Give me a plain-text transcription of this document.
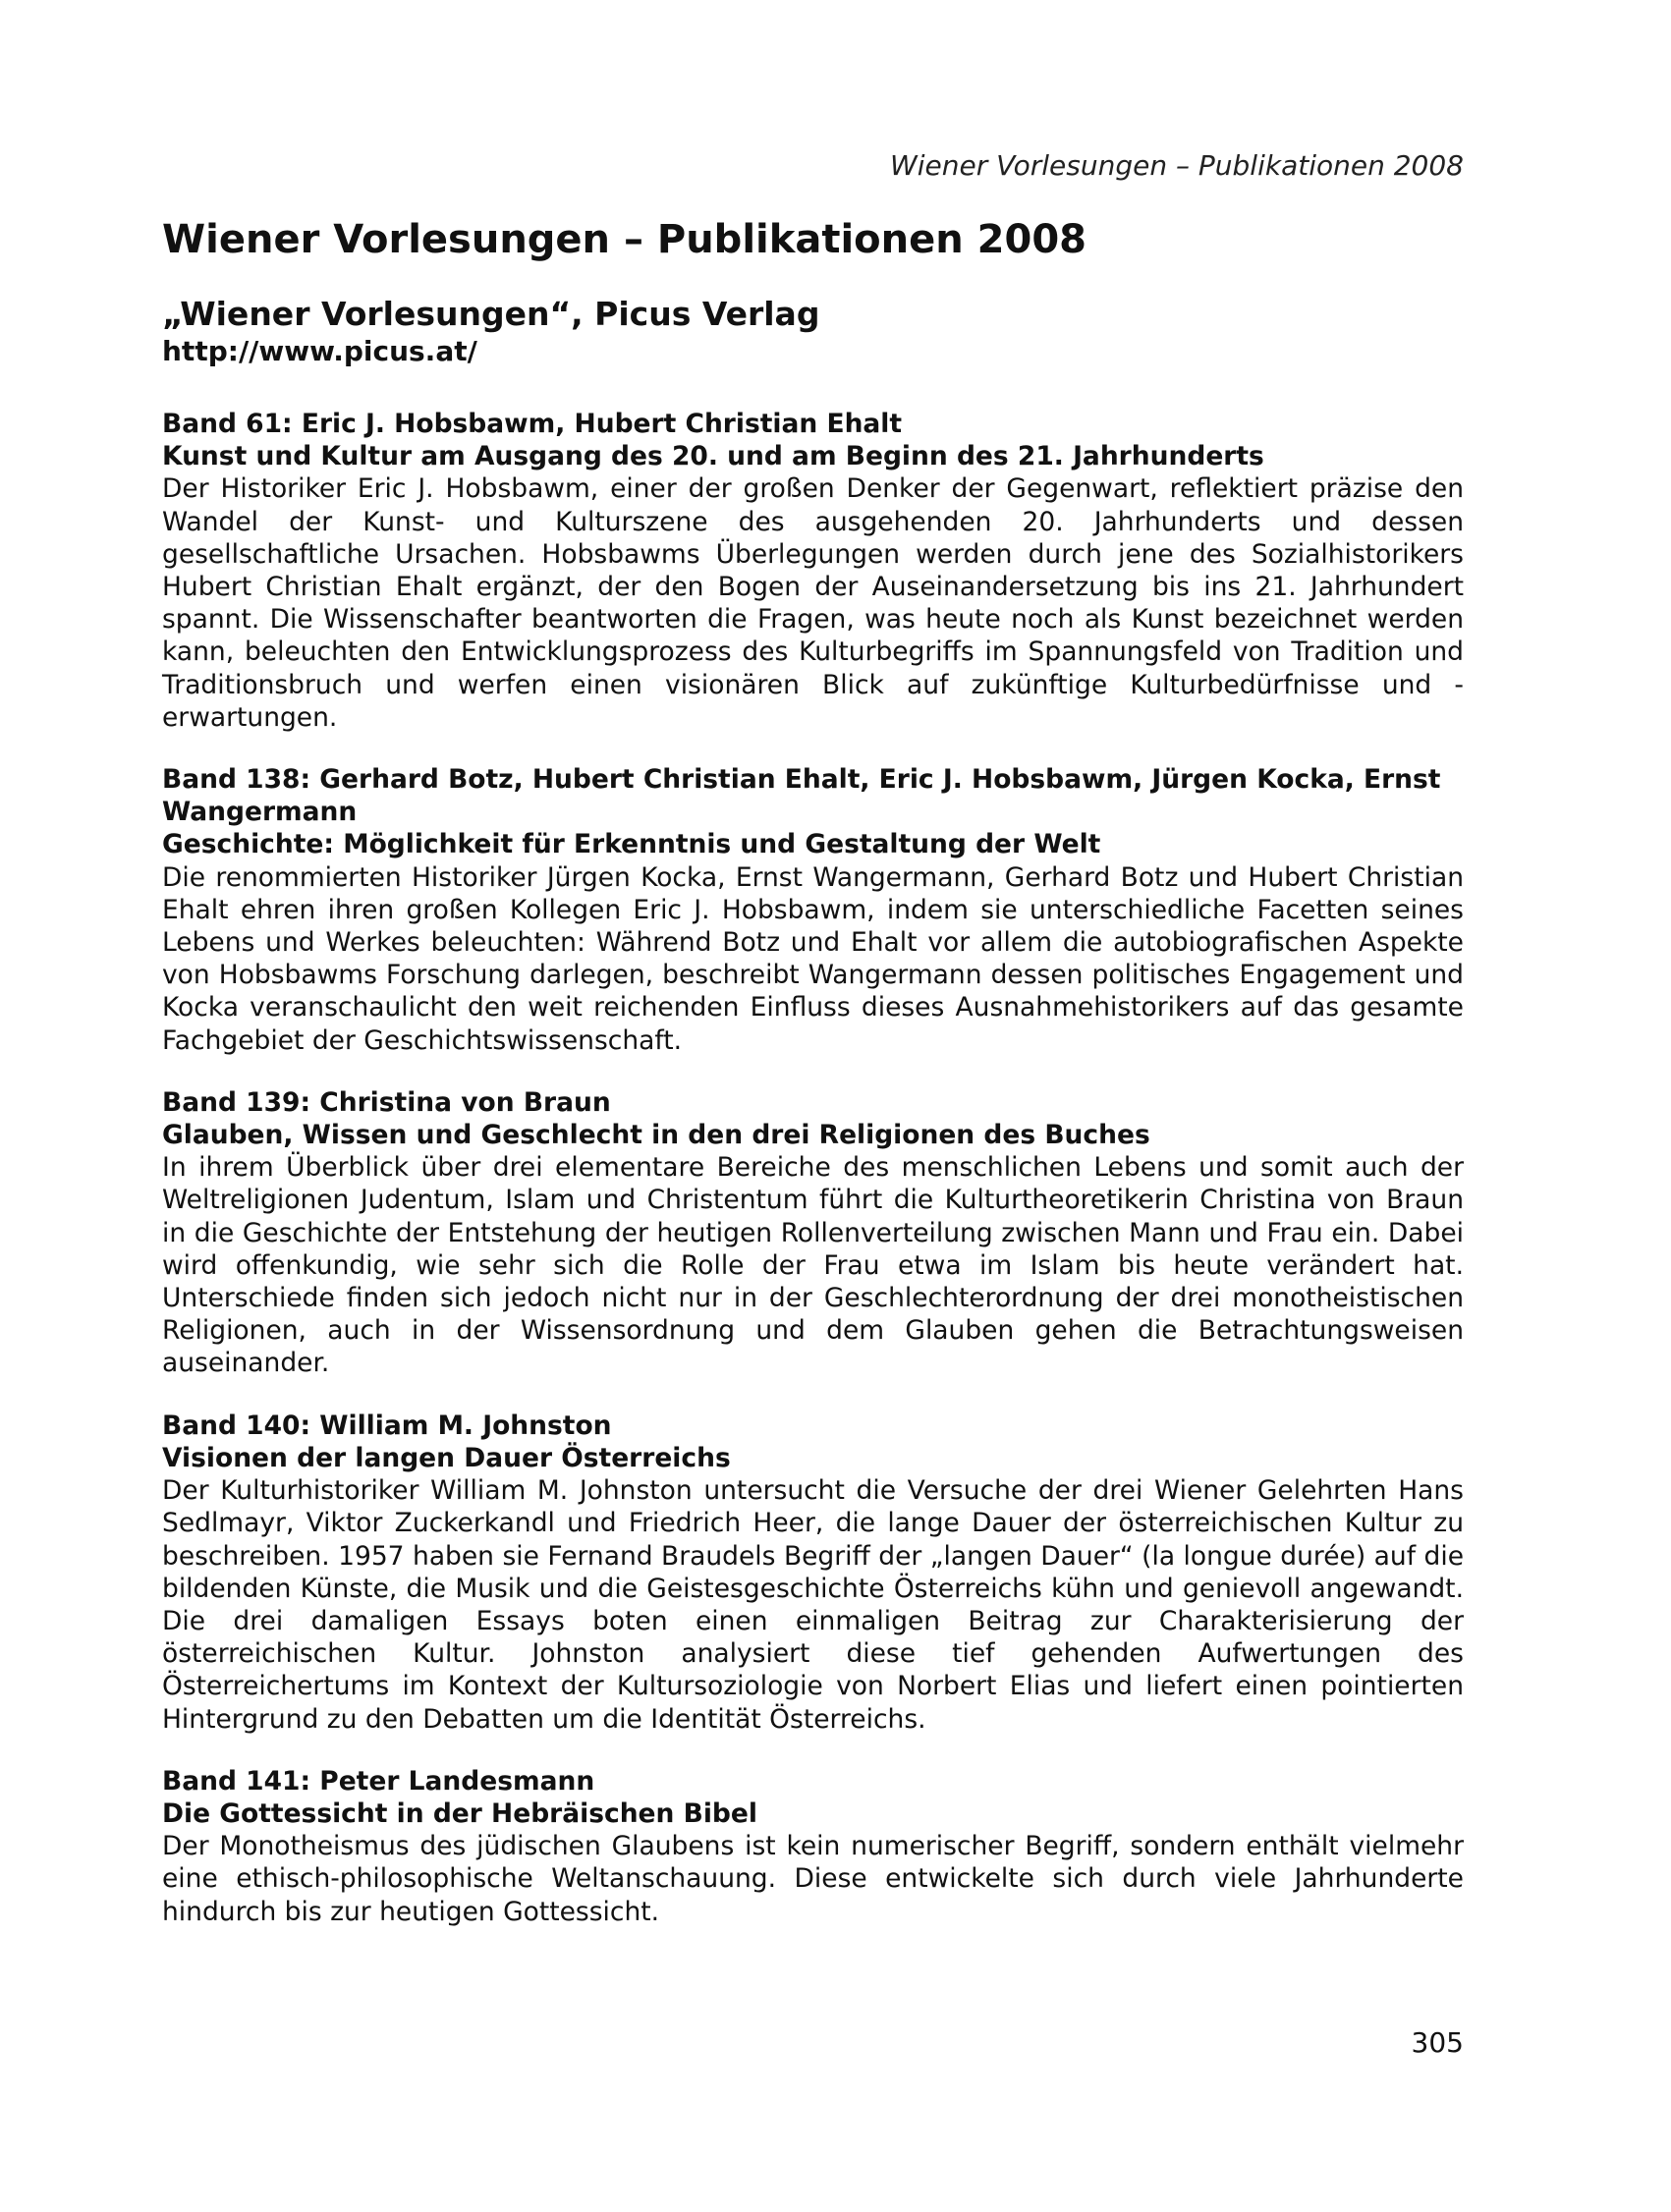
Wiener Vorlesungen – Publikationen 2008
Wiener Vorlesungen – Publikationen 2008
„Wiener Vorlesungen“, Picus Verlag
http://www.picus.at/
Band 61: Eric J. Hobsbawm, Hubert Christian Ehalt
Kunst und Kultur am Ausgang des 20. und am Beginn des 21. Jahrhunderts
Der Historiker Eric J. Hobsbawm, einer der großen Denker der Gegenwart, reflektiert präzise den Wandel der Kunst- und Kulturszene des ausgehenden 20. Jahrhunderts und dessen gesellschaftliche Ursachen. Hobsbawms Überlegungen werden durch jene des Sozialhistorikers Hubert Christian Ehalt ergänzt, der den Bogen der Auseinandersetzung bis ins 21. Jahrhundert spannt. Die Wissenschafter beantworten die Fragen, was heute noch als Kunst bezeichnet werden kann, beleuchten den Entwicklungsprozess des Kulturbegriffs im Spannungsfeld von Tradition und Traditionsbruch und werfen einen visionären Blick auf zukünftige Kulturbedürfnisse und -erwartungen.
Band 138: Gerhard Botz, Hubert Christian Ehalt, Eric J. Hobsbawm, Jürgen Kocka, Ernst Wangermann
Geschichte: Möglichkeit für Erkenntnis und Gestaltung der Welt
Die renommierten Historiker Jürgen Kocka, Ernst Wangermann, Gerhard Botz und Hubert Christian Ehalt ehren ihren großen Kollegen Eric J. Hobsbawm, indem sie unterschiedliche Facetten seines Lebens und Werkes beleuchten: Während Botz und Ehalt vor allem die autobiografischen Aspekte von Hobsbawms Forschung darlegen, beschreibt Wangermann dessen politisches Engagement und Kocka veranschaulicht den weit reichenden Einfluss dieses Ausnahmehistorikers auf das gesamte Fachgebiet der Geschichtswissenschaft.
Band 139: Christina von Braun
Glauben, Wissen und Geschlecht in den drei Religionen des Buches
In ihrem Überblick über drei elementare Bereiche des menschlichen Lebens und somit auch der Weltreligionen Judentum, Islam und Christentum führt die Kulturtheoretikerin Christina von Braun in die Geschichte der Entstehung der heutigen Rollenverteilung zwischen Mann und Frau ein. Dabei wird offenkundig, wie sehr sich die Rolle der Frau etwa im Islam bis heute verändert hat. Unterschiede finden sich jedoch nicht nur in der Geschlechterordnung der drei monotheistischen Religionen, auch in der Wissensordnung und dem Glauben gehen die Betrachtungsweisen auseinander.
Band 140: William M. Johnston
Visionen der langen Dauer Österreichs
Der Kulturhistoriker William M. Johnston untersucht die Versuche der drei Wiener Gelehrten Hans Sedlmayr, Viktor Zuckerkandl und Friedrich Heer, die lange Dauer der österreichischen Kultur zu beschreiben. 1957 haben sie Fernand Braudels Begriff der „langen Dauer“ (la longue durée) auf die bildenden Künste, die Musik und die Geistesgeschichte Österreichs kühn und genievoll angewandt. Die drei damaligen Essays boten einen einmaligen Beitrag zur Charakterisierung der österreichischen Kultur. Johnston analysiert diese tief gehenden Aufwertungen des Österreichertums im Kontext der Kultursoziologie von Norbert Elias und liefert einen pointierten Hintergrund zu den Debatten um die Identität Österreichs.
Band 141: Peter Landesmann
Die Gottessicht in der Hebräischen Bibel
Der Monotheismus des jüdischen Glaubens ist kein numerischer Begriff, sondern enthält vielmehr eine ethisch-philosophische Weltanschauung. Diese entwickelte sich durch viele Jahrhunderte hindurch bis zur heutigen Gottessicht.
305
